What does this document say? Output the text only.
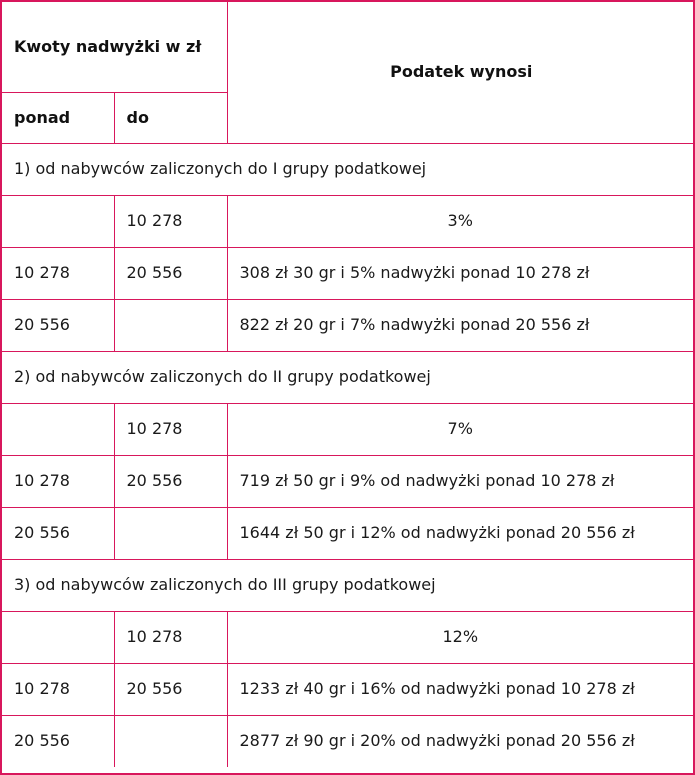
Kwoty nadwyżki w zł		Podatek wynosi
ponad	do	
1) od nabywców zaliczonych do I grupy podatkowej		
	10 278	3%
10 278	20 556	308 zł 30 gr i 5% nadwyżki ponad 10 278 zł
20 556		822 zł 20 gr i 7% nadwyżki ponad 20 556 zł
2) od nabywców zaliczonych do II grupy podatkowej		
	10 278	7%
10 278	20 556	719 zł 50 gr i 9% od nadwyżki ponad 10 278 zł
20 556		1644 zł 50 gr i 12% od nadwyżki ponad 20 556 zł
3) od nabywców zaliczonych do III grupy podatkowej		
	10 278	12%
10 278	20 556	1233 zł 40 gr i 16% od nadwyżki ponad 10 278 zł
20 556		2877 zł 90 gr i 20% od nadwyżki ponad 20 556 zł
